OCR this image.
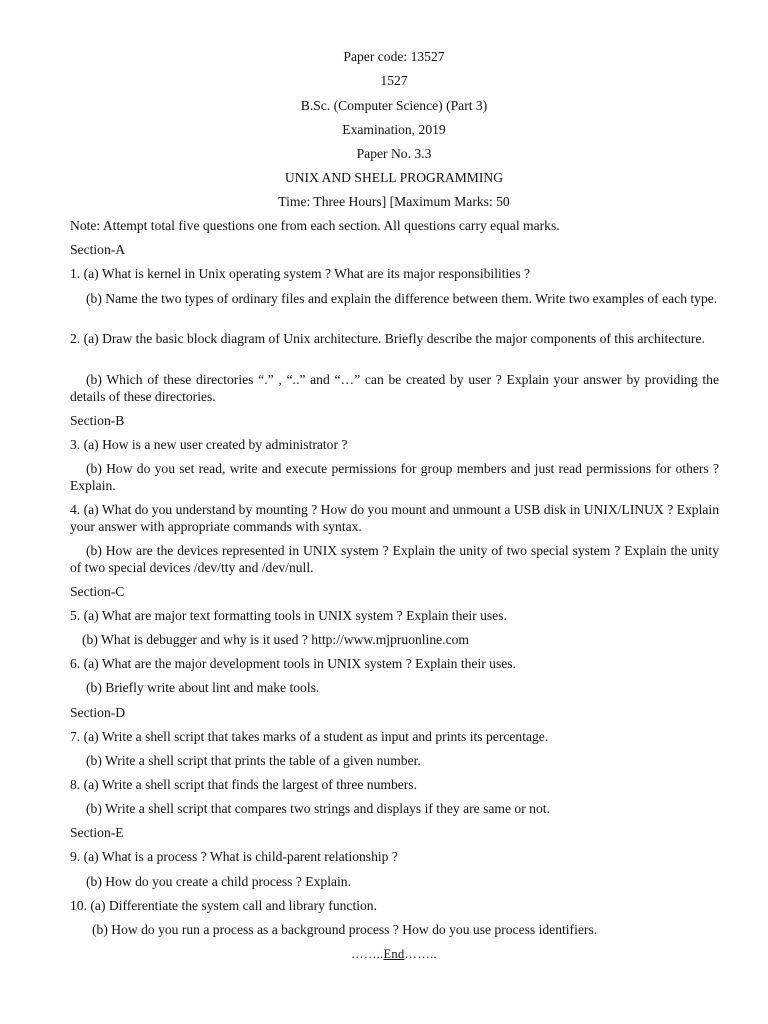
Paper code: 13527
1527
B.Sc. (Computer Science) (Part 3)
Examination, 2019
Paper No. 3.3
UNIX AND SHELL PROGRAMMING
Time: Three Hours] [Maximum Marks: 50
Note: Attempt total five questions one from each section. All questions carry equal marks.
Section-A
1. (a) What is kernel in Unix operating system ? What are its major responsibilities ?
(b) Name the two types of ordinary files and explain the difference between them. Write two examples of each type.
2. (a) Draw the basic block diagram of Unix architecture. Briefly describe the major components of this architecture.
(b) Which of these directories “.” , “..” and “…” can be created by user ? Explain your answer by providing the details of these directories.
Section-B
3. (a) How is a new user created by administrator ?
(b) How do you set read, write and execute permissions for group members and just read permissions for others ? Explain.
4. (a) What do you understand by mounting ? How do you mount and unmount a USB disk in UNIX/LINUX ? Explain your answer with appropriate commands with syntax.
(b) How are the devices represented in UNIX system ? Explain the unity of two special system ? Explain the unity of two special devices /dev/tty and /dev/null.
Section-C
5. (a) What are major text formatting tools in UNIX system ? Explain their uses.
(b) What is debugger and why is it used ? http://www.mjpruonline.com
6. (a) What are the major development tools in UNIX system ? Explain their uses.
(b) Briefly write about lint and make tools.
Section-D
7. (a) Write a shell script that takes marks of a student as input and prints its percentage.
(b) Write a shell script that prints the table of a given number.
8. (a) Write a shell script that finds the largest of three numbers.
(b) Write a shell script that compares two strings and displays if they are same or not.
Section-E
9. (a) What is a process ? What is child-parent relationship ?
(b) How do you create a child process ? Explain.
10. (a) Differentiate the system call and library function.
(b) How do you run a process as a background process ? How do you use process identifiers.
……..End……..
